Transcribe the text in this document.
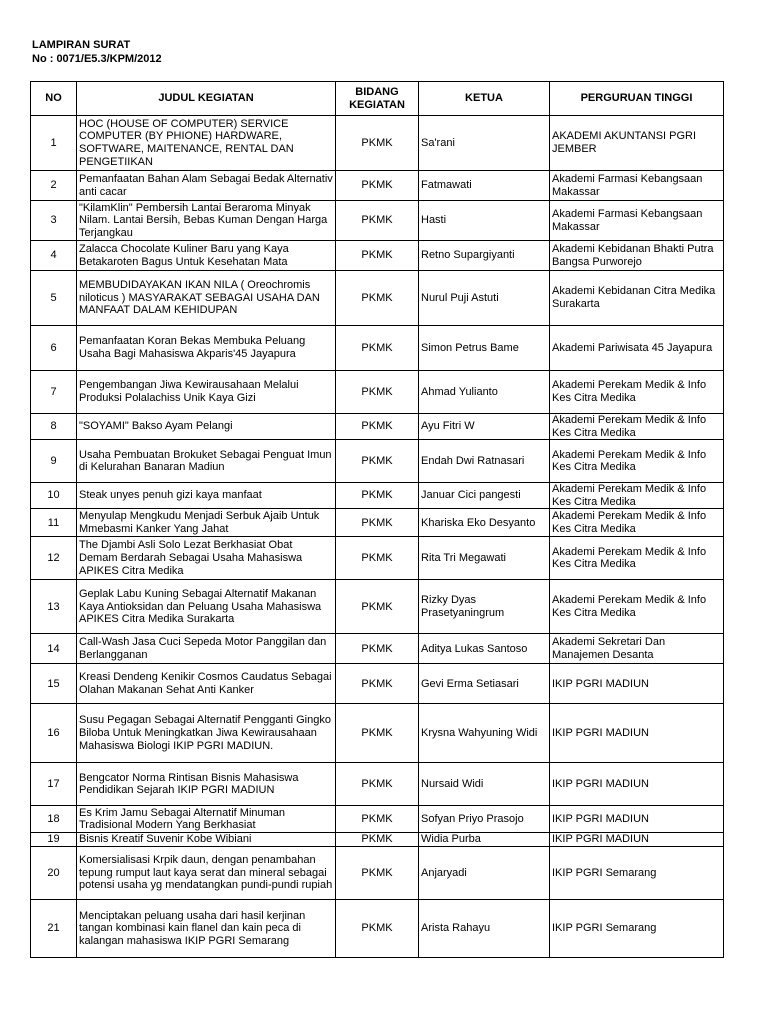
LAMPIRAN SURAT
No : 0071/E5.3/KPM/2012
NO	JUDUL KEGIATAN	BIDANG KEGIATAN	KETUA	PERGURUAN TINGGI
1	HOC (HOUSE OF COMPUTER) SERVICE COMPUTER (BY PHIONE) HARDWARE, SOFTWARE, MAITENANCE, RENTAL DAN PENGETIIKAN	PKMK	Sa'rani	AKADEMI AKUNTANSI PGRI JEMBER
2	Pemanfaatan Bahan Alam Sebagai Bedak Alternativ anti cacar	PKMK	Fatmawati	Akademi Farmasi Kebangsaan Makassar
3	"KilamKlin" Pembersih Lantai Beraroma Minyak Nilam. Lantai Bersih, Bebas Kuman Dengan Harga Terjangkau	PKMK	Hasti	Akademi Farmasi Kebangsaan Makassar
4	Zalacca Chocolate Kuliner Baru yang Kaya Betakaroten Bagus Untuk Kesehatan Mata	PKMK	Retno Supargiyanti	Akademi Kebidanan Bhakti Putra Bangsa Purworejo
5	MEMBUDIDAYAKAN IKAN NILA ( Oreochromis niloticus ) MASYARAKAT SEBAGAI USAHA DAN MANFAAT DALAM KEHIDUPAN	PKMK	Nurul Puji Astuti	Akademi Kebidanan Citra Medika Surakarta
6	Pemanfaatan Koran Bekas Membuka Peluang Usaha Bagi Mahasiswa Akparis'45 Jayapura	PKMK	Simon Petrus Bame	Akademi Pariwisata 45 Jayapura
7	Pengembangan Jiwa Kewirausahaan Melalui Produksi Polalachiss Unik Kaya Gizi	PKMK	Ahmad Yulianto	Akademi Perekam Medik & Info Kes Citra Medika
8	"SOYAMI" Bakso Ayam Pelangi	PKMK	Ayu Fitri W	Akademi Perekam Medik & Info Kes Citra Medika
9	Usaha Pembuatan Brokuket Sebagai Penguat Imun di Kelurahan Banaran Madiun	PKMK	Endah Dwi Ratnasari	Akademi Perekam Medik & Info Kes Citra Medika
10	Steak unyes penuh gizi kaya manfaat	PKMK	Januar Cici pangesti	Akademi Perekam Medik & Info Kes Citra Medika
11	Menyulap Mengkudu Menjadi Serbuk Ajaib Untuk Mmebasmi Kanker Yang Jahat	PKMK	Khariska Eko Desyanto	Akademi Perekam Medik & Info Kes Citra Medika
12	The Djambi Asli Solo Lezat Berkhasiat Obat Demam Berdarah Sebagai Usaha Mahasiswa APIKES Citra Medika	PKMK	Rita Tri Megawati	Akademi Perekam Medik & Info Kes Citra Medika
13	Geplak Labu Kuning Sebagai Alternatif Makanan Kaya Antioksidan dan Peluang Usaha Mahasiswa APIKES Citra Medika Surakarta	PKMK	Rizky Dyas Prasetyaningrum	Akademi Perekam Medik & Info Kes Citra Medika
14	Call-Wash Jasa Cuci Sepeda Motor Panggilan dan Berlangganan	PKMK	Aditya Lukas Santoso	Akademi Sekretari Dan Manajemen Desanta
15	Kreasi Dendeng Kenikir Cosmos Caudatus Sebagai Olahan Makanan Sehat Anti Kanker	PKMK	Gevi Erma Setiasari	IKIP PGRI MADIUN
16	Susu Pegagan Sebagai Alternatif Pengganti Gingko Biloba Untuk Meningkatkan Jiwa Kewirausahaan Mahasiswa Biologi IKIP PGRI MADIUN.	PKMK	Krysna Wahyuning Widi	IKIP PGRI MADIUN
17	Bengcator Norma Rintisan Bisnis Mahasiswa Pendidikan Sejarah IKIP PGRI MADIUN	PKMK	Nursaid Widi	IKIP PGRI MADIUN
18	Es Krim Jamu Sebagai Alternatif Minuman Tradisional Modern Yang Berkhasiat	PKMK	Sofyan Priyo Prasojo	IKIP PGRI MADIUN
19	Bisnis Kreatif Suvenir Kobe Wibiani	PKMK	Widia Purba	IKIP PGRI MADIUN
20	Komersialisasi Krpik daun, dengan penambahan tepung rumput laut kaya serat dan mineral sebagai potensi usaha yg mendatangkan pundi-pundi rupiah	PKMK	Anjaryadi	IKIP PGRI Semarang
21	Menciptakan peluang usaha dari hasil kerjinan tangan kombinasi kain flanel dan kain peca di kalangan mahasiswa IKIP PGRI Semarang	PKMK	Arista Rahayu	IKIP PGRI Semarang
